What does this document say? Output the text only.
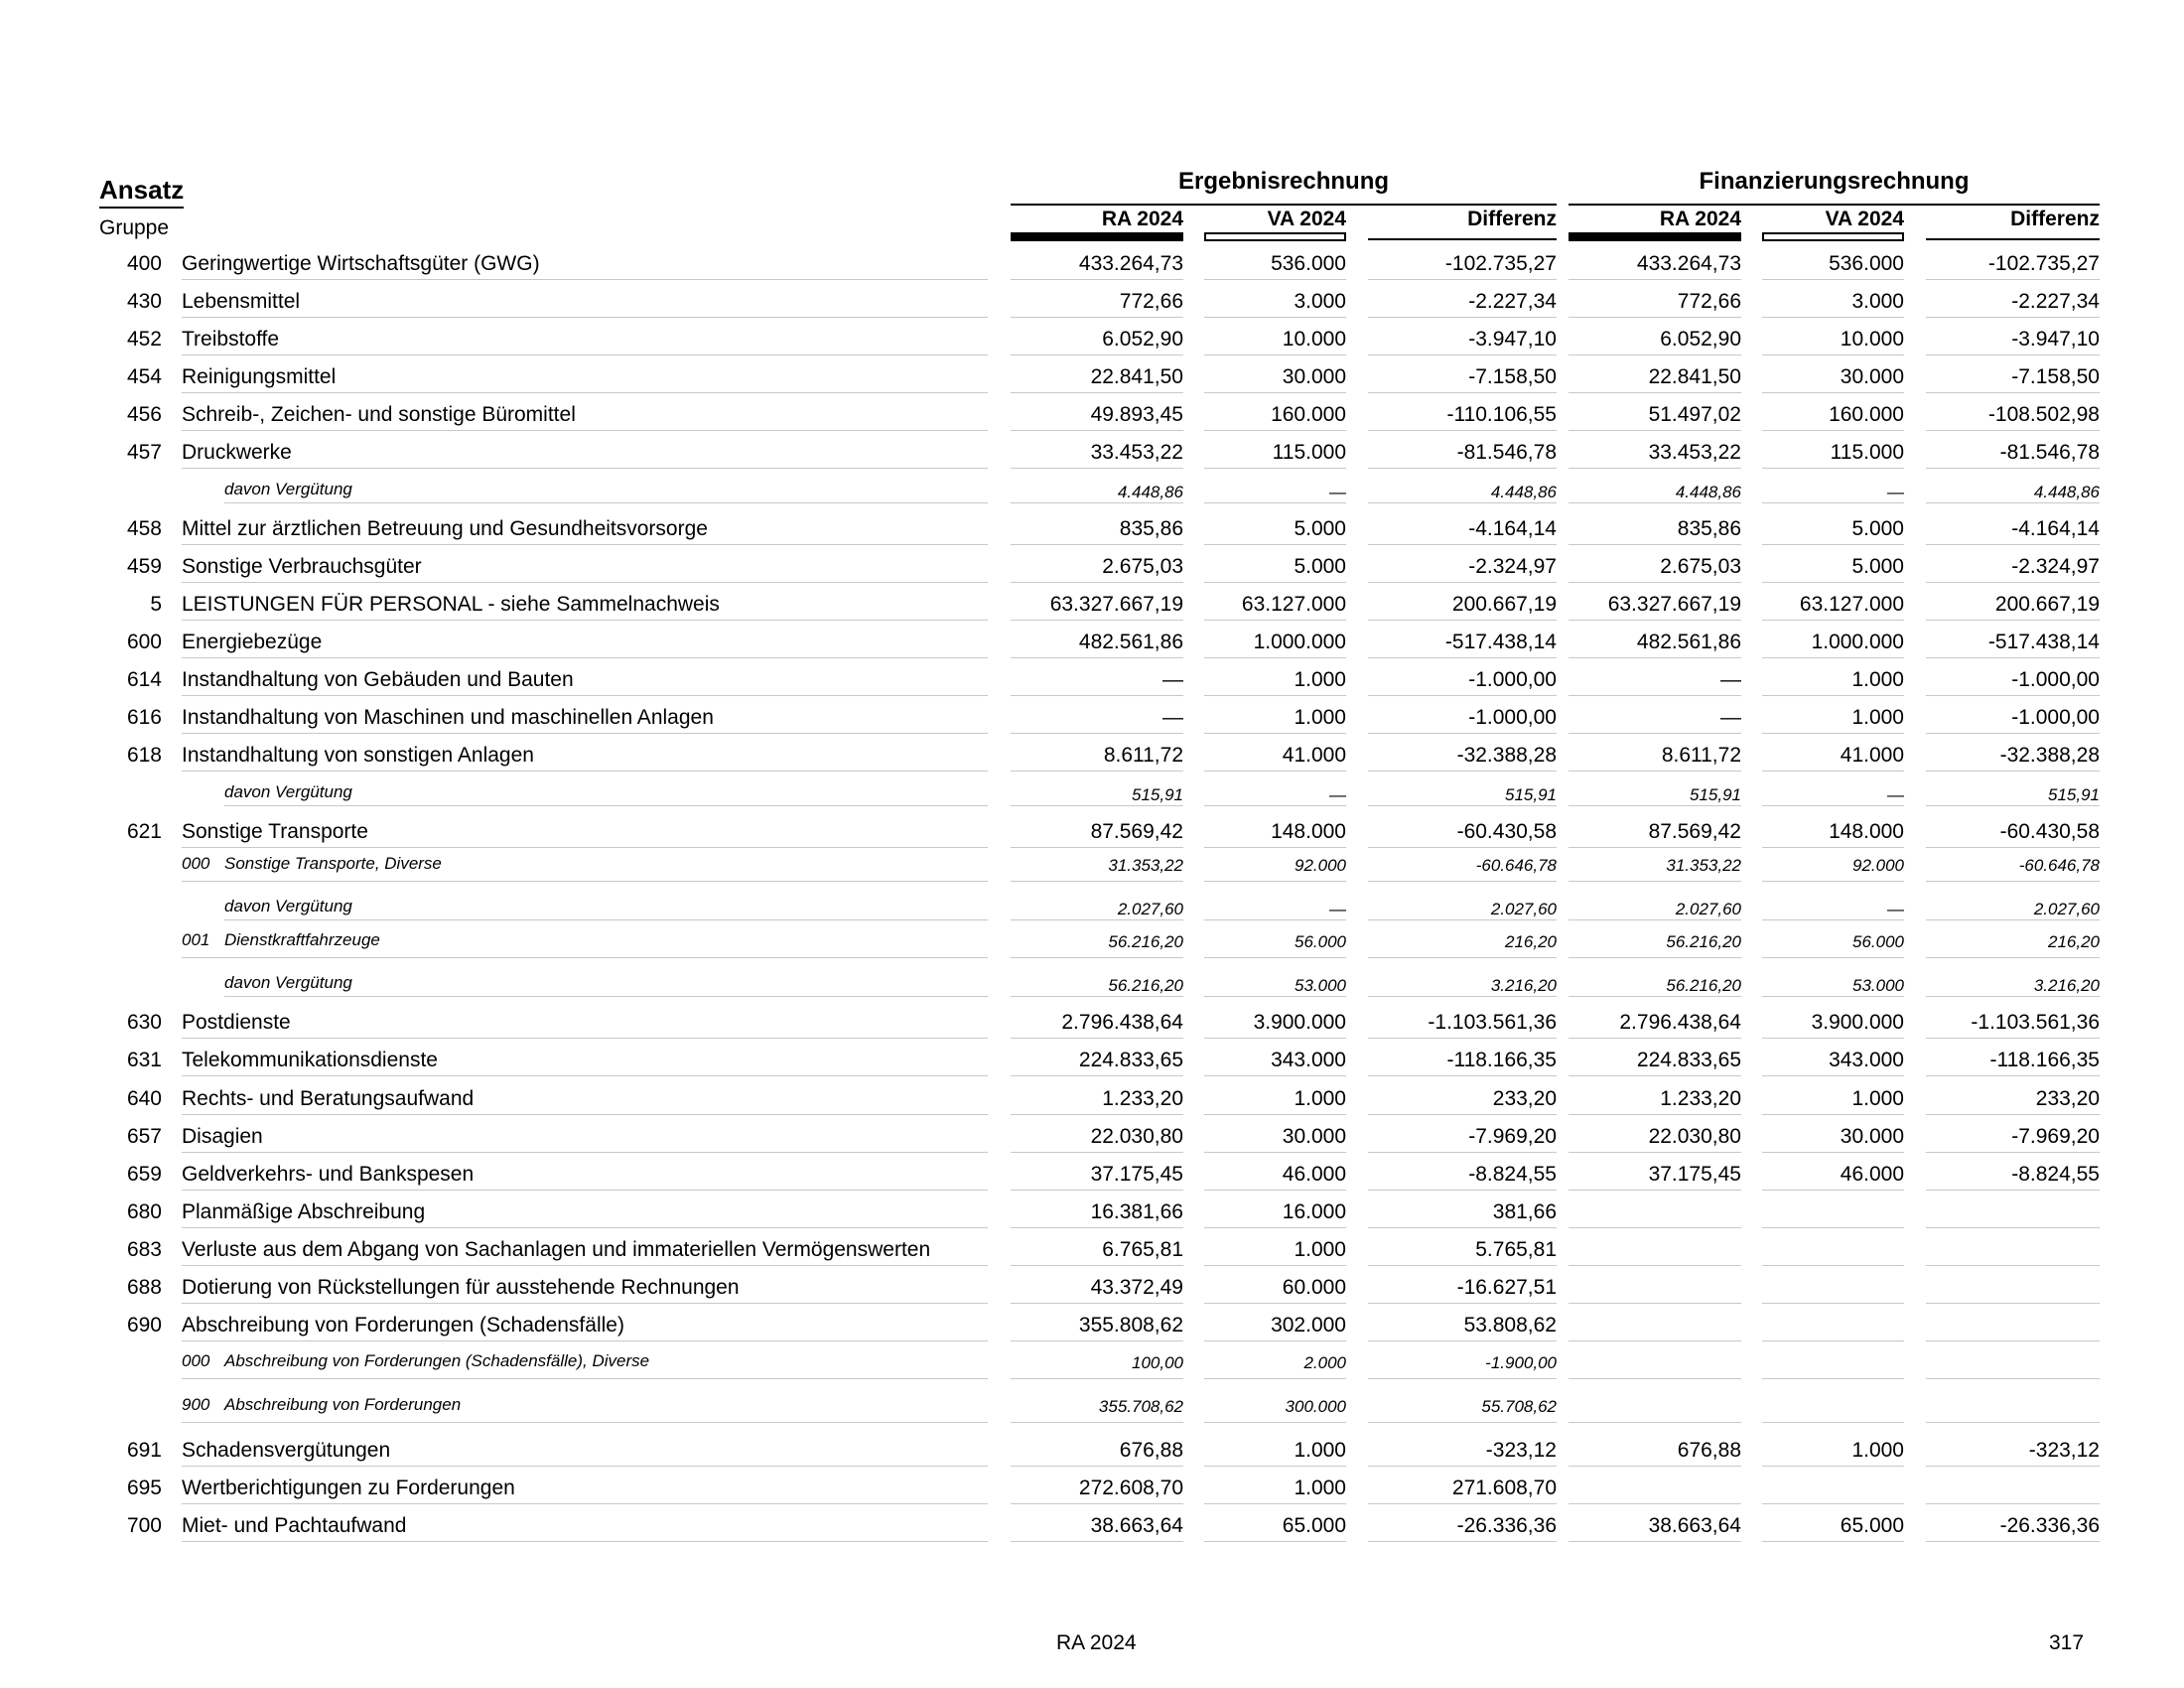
Ansatz
Gruppe
Ergebnisrechnung	Finanzierungsrechnung
RA 2024	VA 2024	Differenz	RA 2024	VA 2024	Differenz
400 Geringwertige Wirtschaftsgüter (GWG)	433.264,73	536.000	-102.735,27	433.264,73	536.000	-102.735,27
430 Lebensmittel	772,66	3.000	-2.227,34	772,66	3.000	-2.227,34
452 Treibstoffe	6.052,90	10.000	-3.947,10	6.052,90	10.000	-3.947,10
454 Reinigungsmittel	22.841,50	30.000	-7.158,50	22.841,50	30.000	-7.158,50
456 Schreib-, Zeichen- und sonstige Büromittel	49.893,45	160.000	-110.106,55	51.497,02	160.000	-108.502,98
457 Druckwerke	33.453,22	115.000	-81.546,78	33.453,22	115.000	-81.546,78
davon Vergütung	4.448,86	—	4.448,86	4.448,86	—	4.448,86
458 Mittel zur ärztlichen Betreuung und Gesundheitsvorsorge	835,86	5.000	-4.164,14	835,86	5.000	-4.164,14
459 Sonstige Verbrauchsgüter	2.675,03	5.000	-2.324,97	2.675,03	5.000	-2.324,97
5 LEISTUNGEN FÜR PERSONAL - siehe Sammelnachweis	63.327.667,19	63.127.000	200.667,19	63.327.667,19	63.127.000	200.667,19
600 Energiebezüge	482.561,86	1.000.000	-517.438,14	482.561,86	1.000.000	-517.438,14
614 Instandhaltung von Gebäuden und Bauten	—	1.000	-1.000,00	—	1.000	-1.000,00
616 Instandhaltung von Maschinen und maschinellen Anlagen	—	1.000	-1.000,00	—	1.000	-1.000,00
618 Instandhaltung von sonstigen Anlagen	8.611,72	41.000	-32.388,28	8.611,72	41.000	-32.388,28
davon Vergütung	515,91	—	515,91	515,91	—	515,91
621 Sonstige Transporte	87.569,42	148.000	-60.430,58	87.569,42	148.000	-60.430,58
000 Sonstige Transporte, Diverse	31.353,22	92.000	-60.646,78	31.353,22	92.000	-60.646,78
davon Vergütung	2.027,60	—	2.027,60	2.027,60	—	2.027,60
001 Dienstkraftfahrzeuge	56.216,20	56.000	216,20	56.216,20	56.000	216,20
davon Vergütung	56.216,20	53.000	3.216,20	56.216,20	53.000	3.216,20
630 Postdienste	2.796.438,64	3.900.000	-1.103.561,36	2.796.438,64	3.900.000	-1.103.561,36
631 Telekommunikationsdienste	224.833,65	343.000	-118.166,35	224.833,65	343.000	-118.166,35
640 Rechts- und Beratungsaufwand	1.233,20	1.000	233,20	1.233,20	1.000	233,20
657 Disagien	22.030,80	30.000	-7.969,20	22.030,80	30.000	-7.969,20
659 Geldverkehrs- und Bankspesen	37.175,45	46.000	-8.824,55	37.175,45	46.000	-8.824,55
680 Planmäßige Abschreibung	16.381,66	16.000	381,66
683 Verluste aus dem Abgang von Sachanlagen und immateriellen Vermögenswerten	6.765,81	1.000	5.765,81
688 Dotierung von Rückstellungen für ausstehende Rechnungen	43.372,49	60.000	-16.627,51
690 Abschreibung von Forderungen (Schadensfälle)	355.808,62	302.000	53.808,62
000 Abschreibung von Forderungen (Schadensfälle), Diverse	100,00	2.000	-1.900,00
900 Abschreibung von Forderungen	355.708,62	300.000	55.708,62
691 Schadensvergütungen	676,88	1.000	-323,12	676,88	1.000	-323,12
695 Wertberichtigungen zu Forderungen	272.608,70	1.000	271.608,70
700 Miet- und Pachtaufwand	38.663,64	65.000	-26.336,36	38.663,64	65.000	-26.336,36
RA 2024	317
